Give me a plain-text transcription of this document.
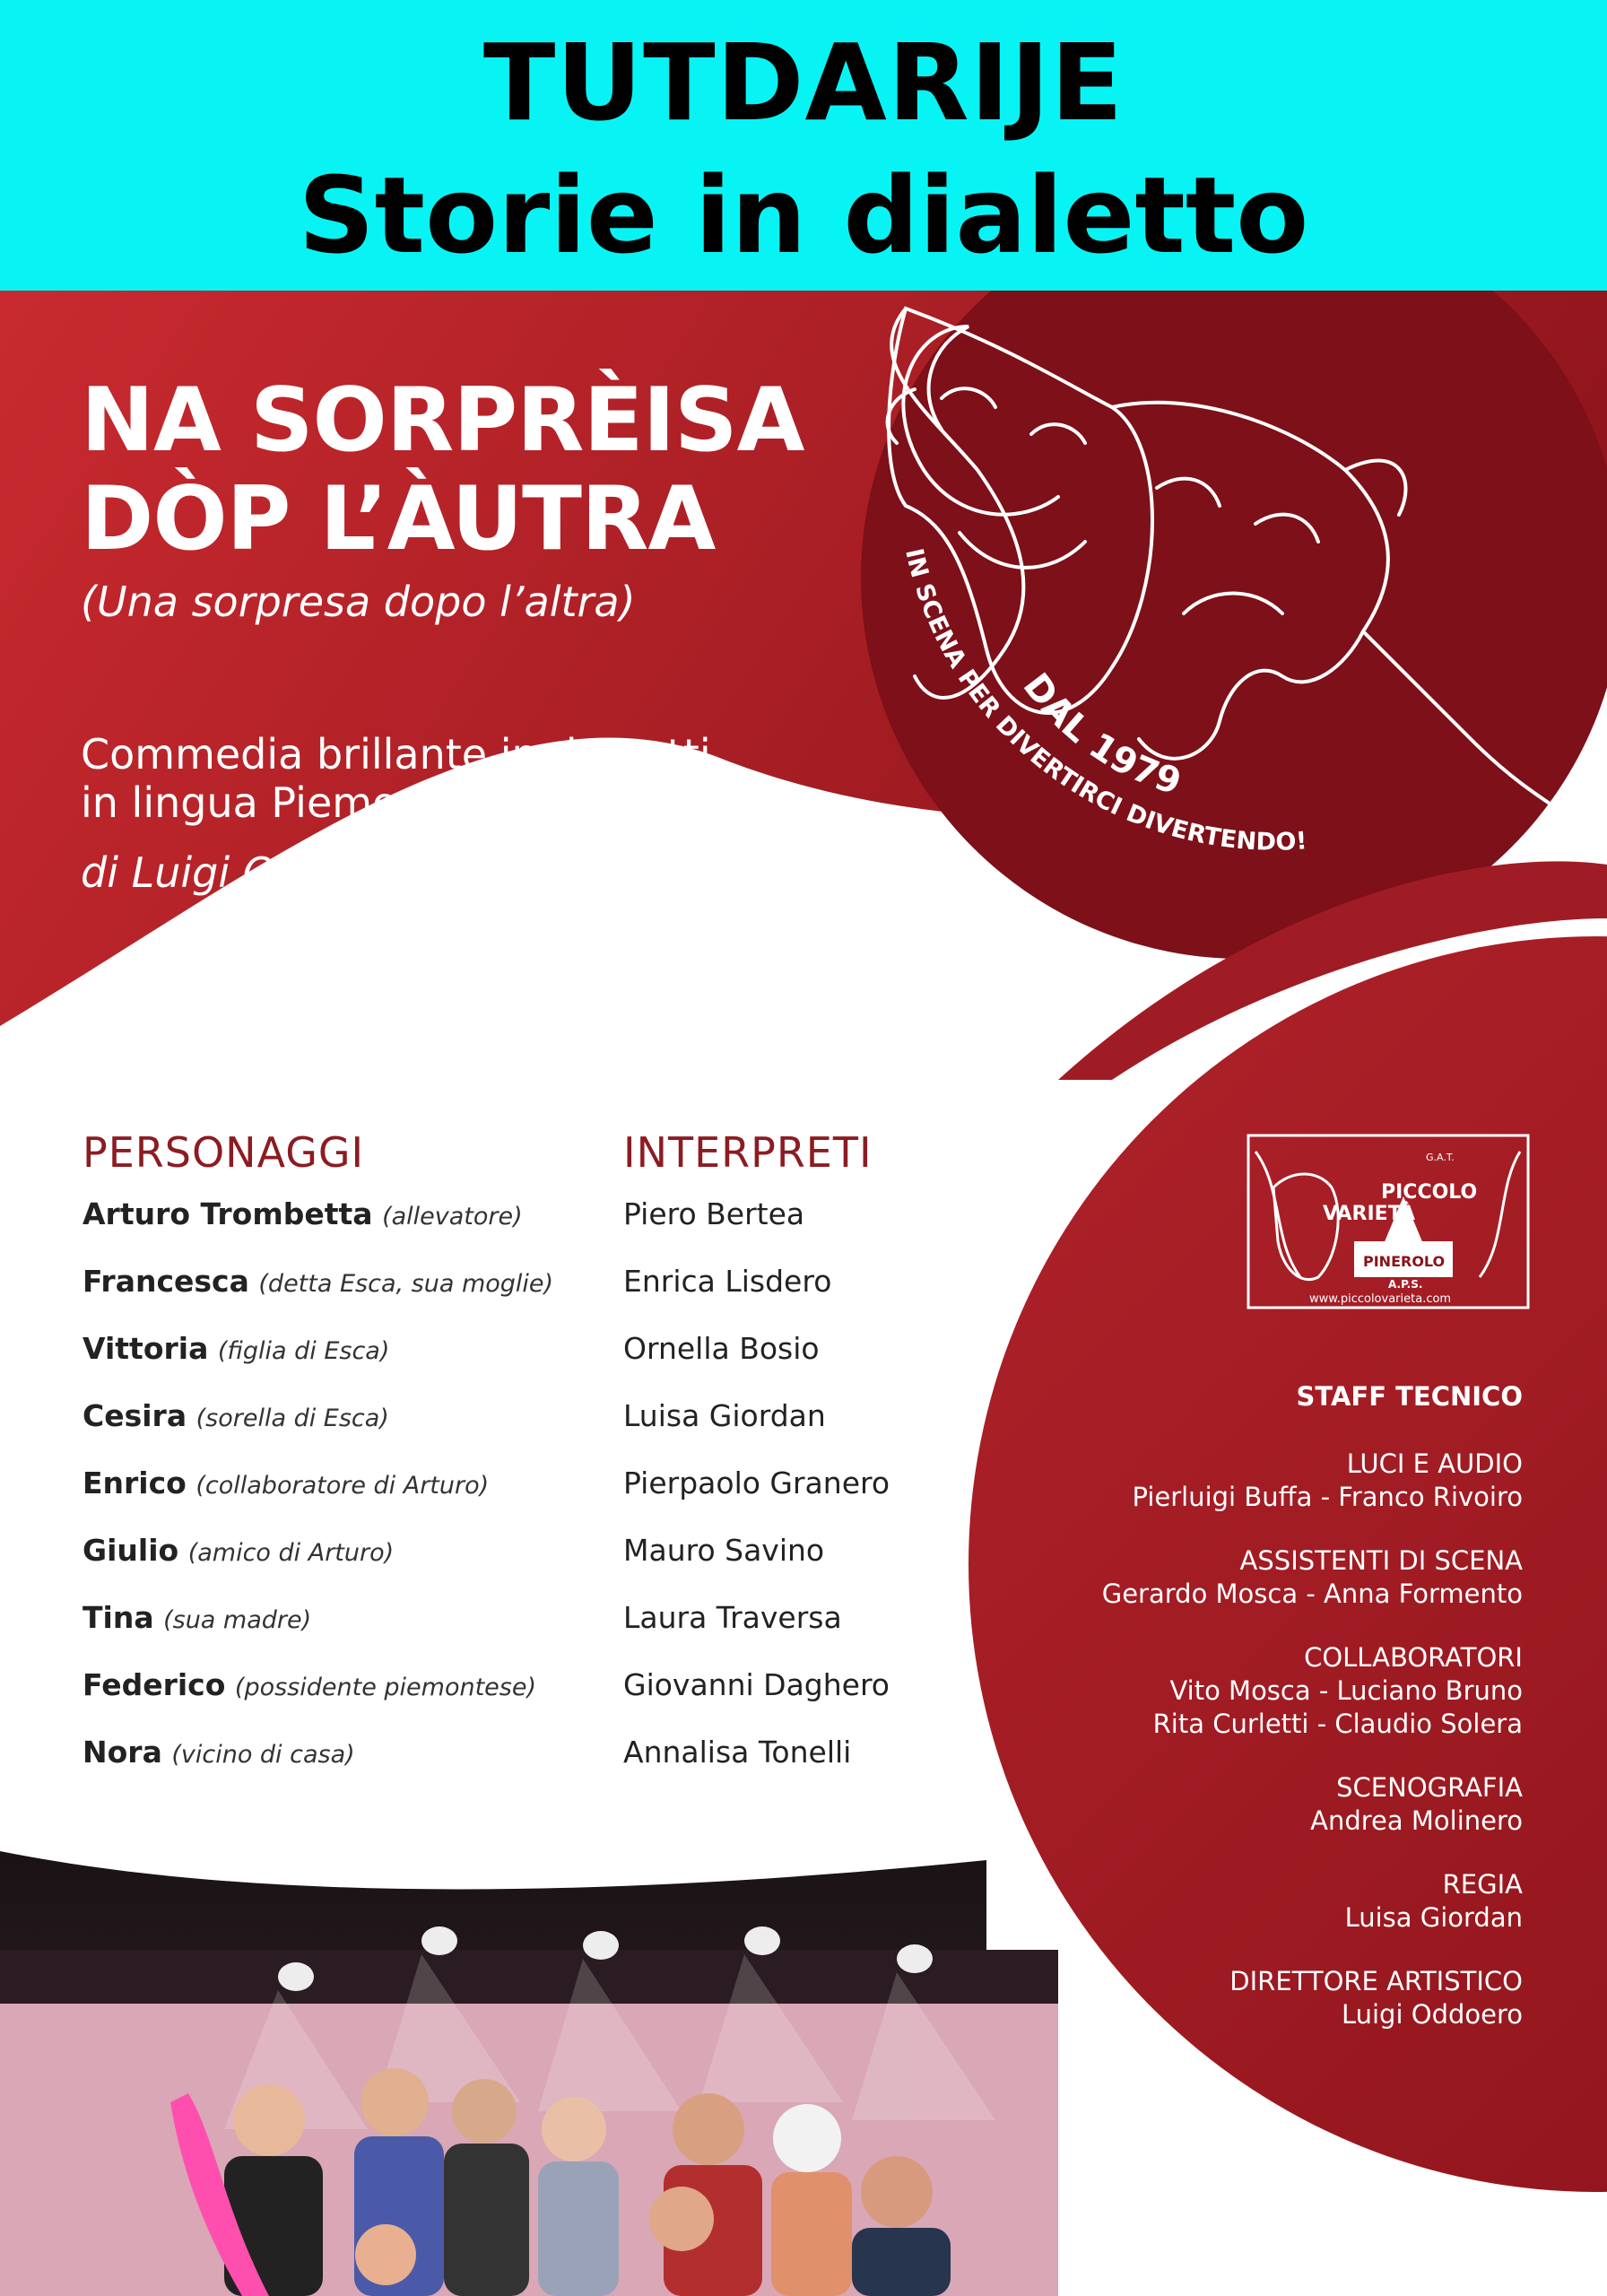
TUTDARIJE
Storie in dialetto
NA SORPRÈISA
DÒP L’ÀUTRA
(Una sorpresa dopo l’altra)
Commedia brillante in due atti
in lingua Piemontese
di Luigi Oddoero
DAL 1979
IN SCENA PER DIVERTIRCI DIVERTENDO!
PERSONAGGI	INTERPRETI
Arturo Trombetta (allevatore)	Piero Bertea
Francesca (detta Esca, sua moglie) Enrica Lisdero
Vittoria (figlia di Esca)	Ornella Bosio
Cesira (sorella di Esca)	Luisa Giordan
Enrico (collaboratore di Arturo)	Pierpaolo Granero
Giulio (amico di Arturo)	Mauro Savino
Tina (sua madre)	Laura Traversa
Federico (possidente piemontese)	Giovanni Daghero
Nora (vicino di casa)	Annalisa Tonelli
G.A.T.
PICCOLO
VARIETÀ
di
PINEROLO
A.P.S.
www.piccolovarieta.com
STAFF TECNICO
LUCI E AUDIO
Pierluigi Buffa - Franco Rivoiro
ASSISTENTI DI SCENA
Gerardo Mosca - Anna Formento
COLLABORATORI
Vito Mosca - Luciano Bruno
Rita Curletti - Claudio Solera
SCENOGRAFIA
Andrea Molinero
REGIA
Luisa Giordan
DIRETTORE ARTISTICO
Luigi Oddoero
